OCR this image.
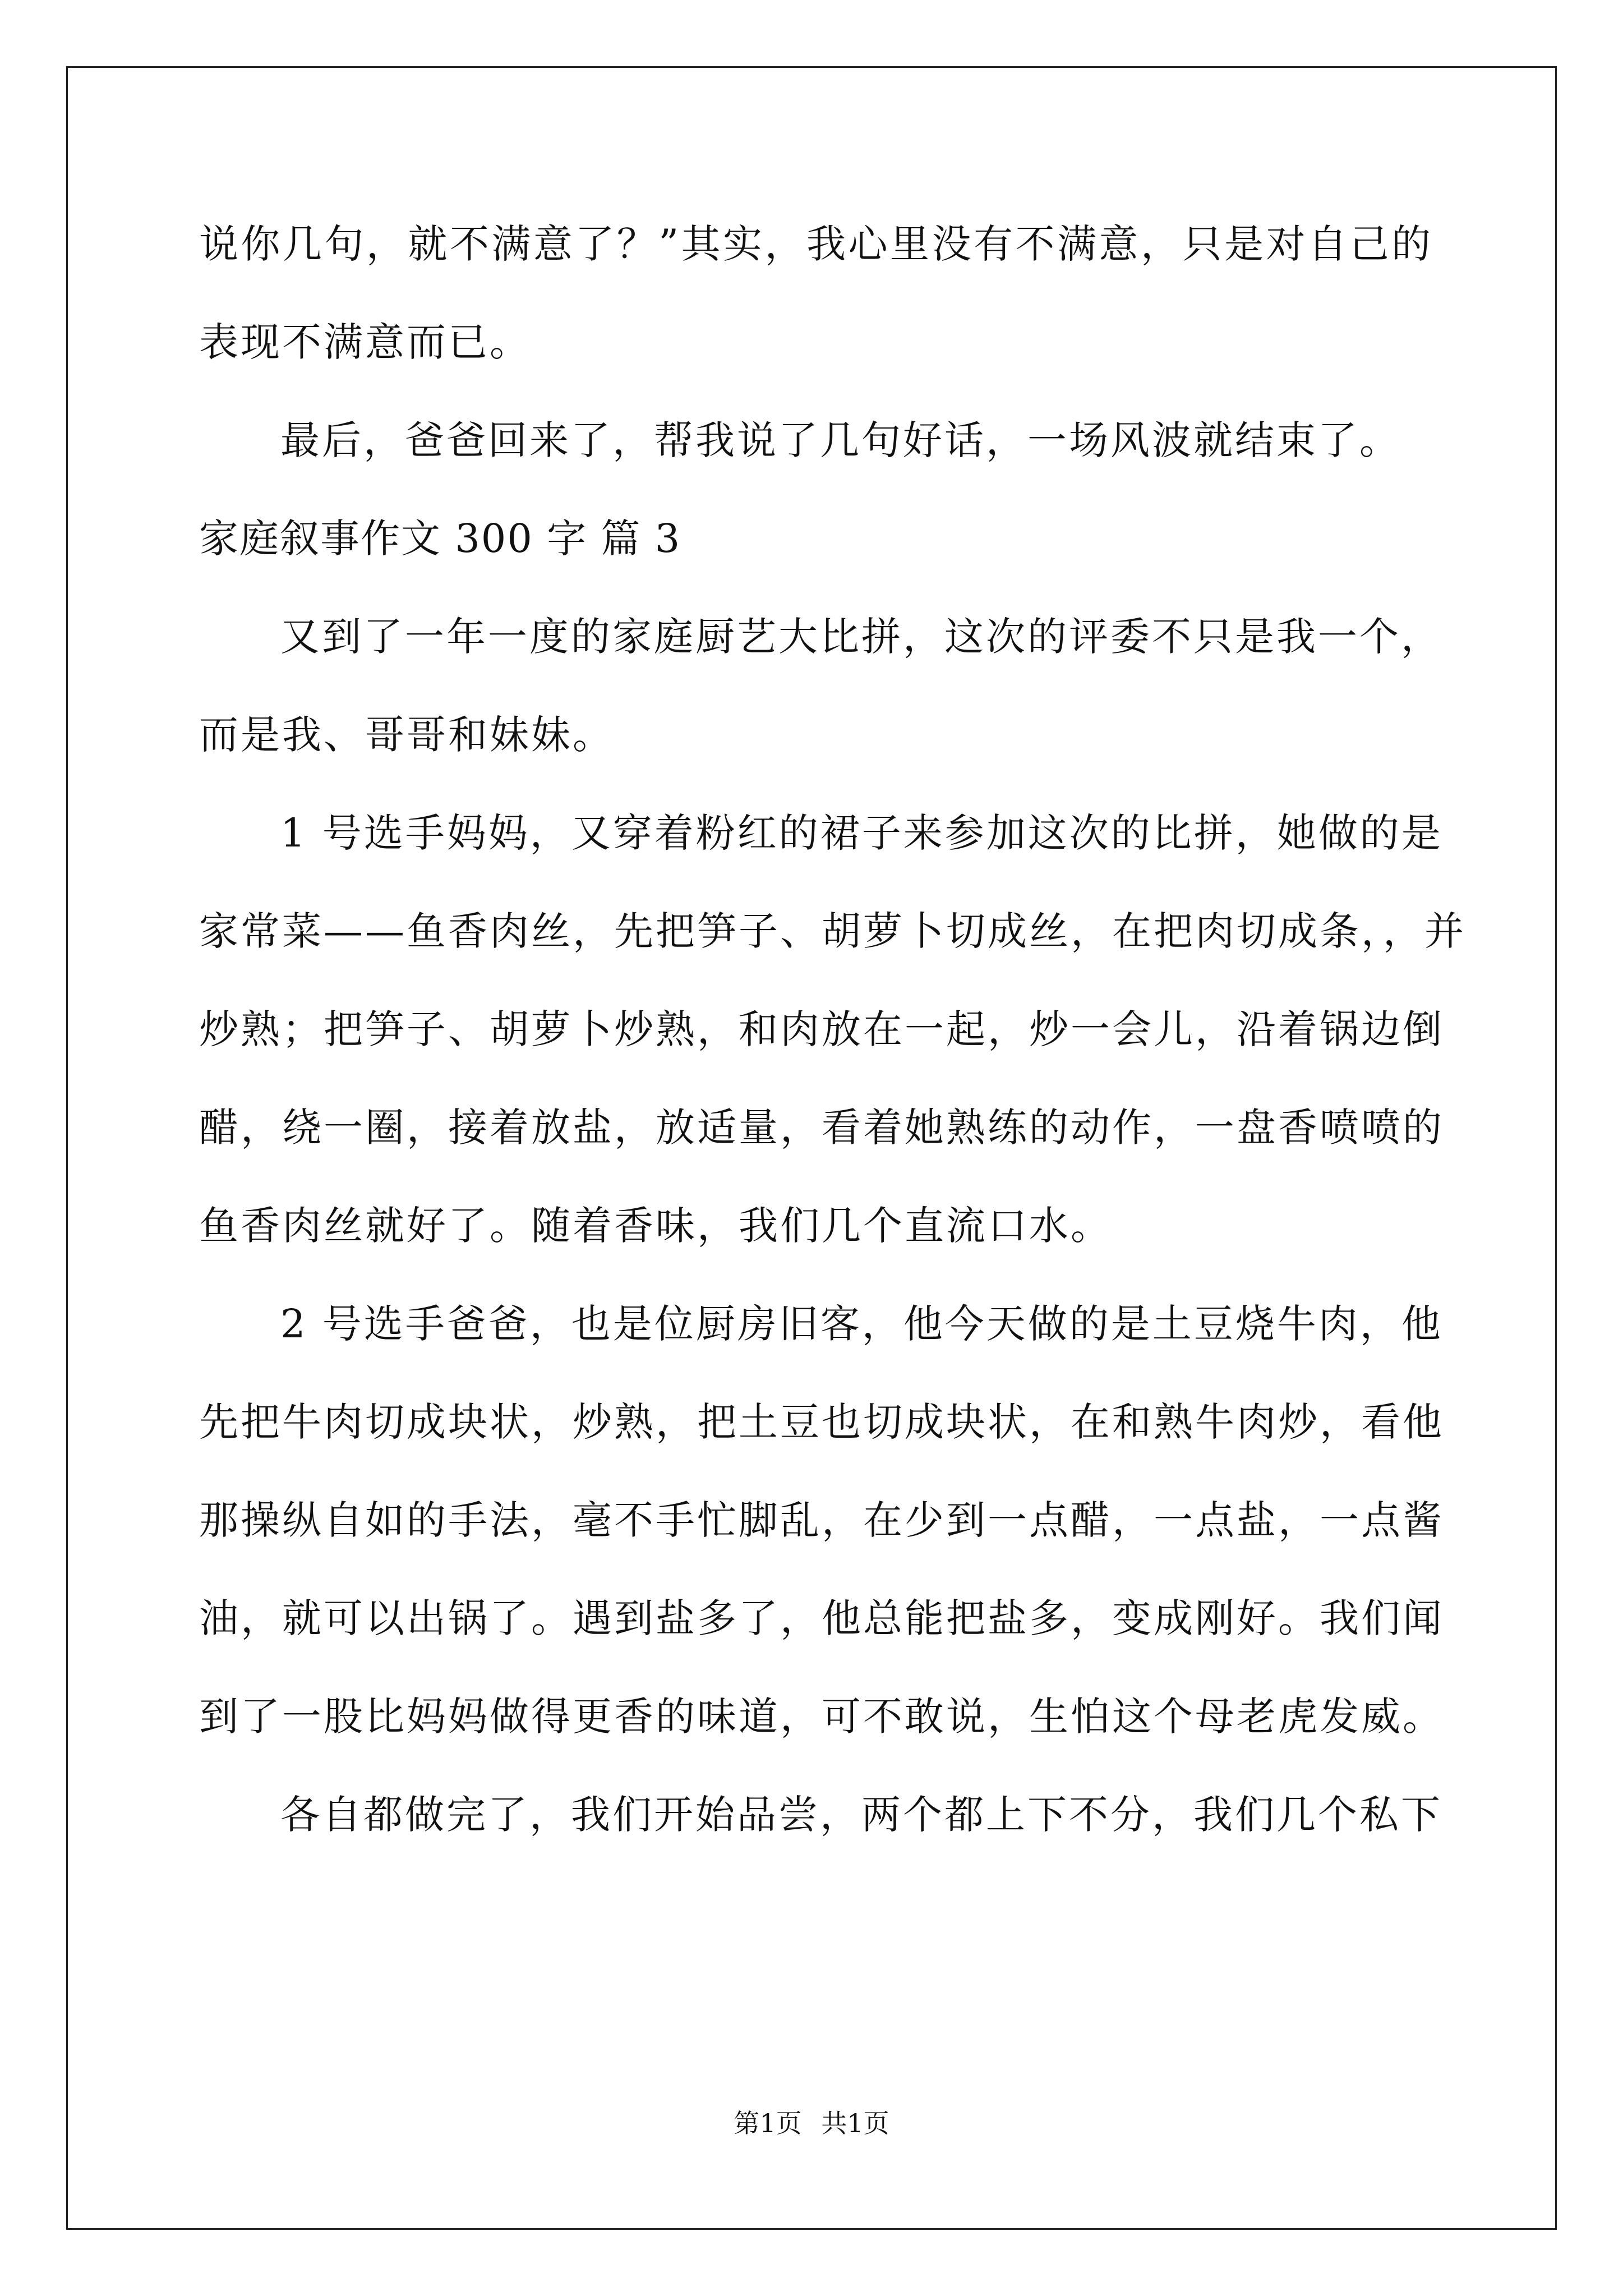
说你几句，就不满意了？”其实，我心里没有不满意，只是对自己的

表现不满意而已。

最后，爸爸回来了，帮我说了几句好话，一场风波就结束了。

家庭叙事作文 300 字 篇 3

又到了一年一度的家庭厨艺大比拼，这次的评委不只是我一个，

而是我、哥哥和妹妹。

1 号选手妈妈，又穿着粉红的裙子来参加这次的比拼，她做的是

家常菜——鱼香肉丝，先把笋子、胡萝卜切成丝，在把肉切成条，，并

炒熟；把笋子、胡萝卜炒熟，和肉放在一起，炒一会儿，沿着锅边倒

醋，绕一圈，接着放盐，放适量，看着她熟练的动作，一盘香喷喷的

鱼香肉丝就好了。随着香味，我们几个直流口水。

2 号选手爸爸，也是位厨房旧客，他今天做的是土豆烧牛肉，他

先把牛肉切成块状，炒熟，把土豆也切成块状，在和熟牛肉炒，看他

那操纵自如的手法，毫不手忙脚乱，在少到一点醋，一点盐，一点酱

油，就可以出锅了。遇到盐多了，他总能把盐多，变成刚好。我们闻

到了一股比妈妈做得更香的味道，可不敢说，生怕这个母老虎发威。

各自都做完了，我们开始品尝，两个都上下不分，我们几个私下

第1页 共1页
